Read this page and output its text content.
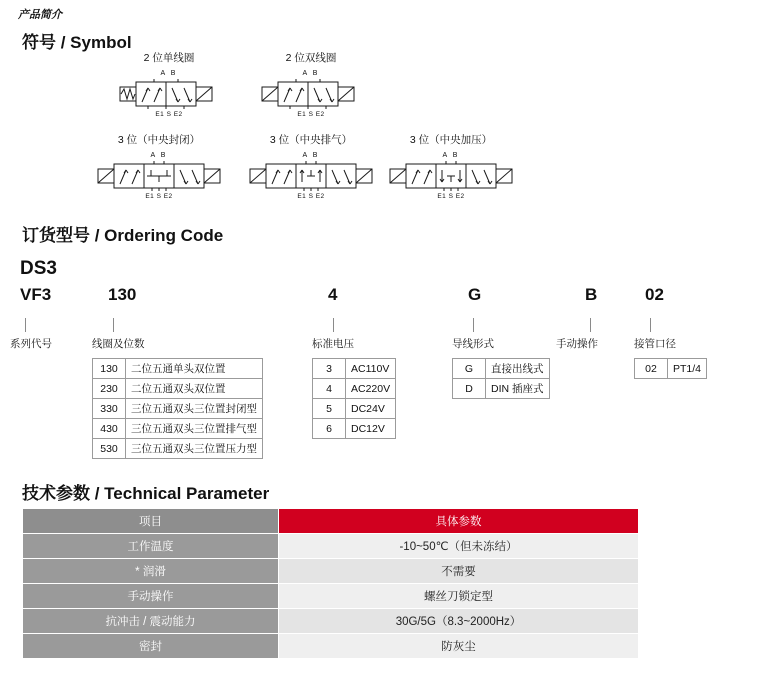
产品简介
符号 / Symbol
2 位单线圈
A B
E1 S E2
2 位双线圈
A B
E1 S E2
3 位（中央封闭）
A B
E1 S E2
3 位（中央排气）
A B
E1 S E2
3 位（中央加压）
A B
E1 S E2
订货型号 / Ordering Code
DS3
VF3	130	4	G	B	02
系列代号	线圈及位数	标准电压	导线形式	手动操作	接管口径
130	二位五通单头双位置
230	二位五通双头双位置
330	三位五通双头三位置封闭型
430	三位五通双头三位置排气型
530	三位五通双头三位置压力型
3	AC110V
4	AC220V
5	DC24V
6	DC12V
G	直接出线式
D	DIN 插座式
02	PT1/4
技术参数 / Technical Parameter
项目	具体参数
工作温度	-10~50℃（但未冻结）
* 润滑	不需要
手动操作	螺丝刀锁定型
抗冲击 / 震动能力	30G/5G（8.3~2000Hz）
密封	防灰尘
